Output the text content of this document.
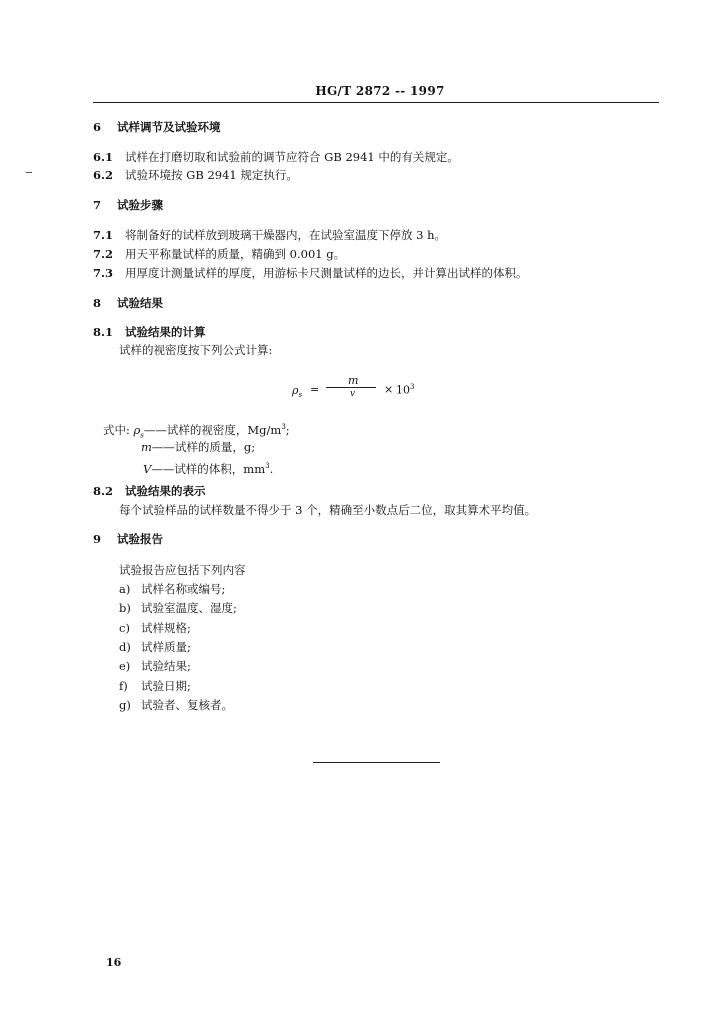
HG/T 2872 -- 1997
6 试样调节及试验环境
6.1 试样在打磨切取和试验前的调节应符合 GB 2941 中的有关规定。
6.2 试验环境按 GB 2941 规定执行。
7 试验步骤
7.1 将制备好的试样放到玻璃干燥器内，在试验室温度下停放 3 h。
7.2 用天平称量试样的质量，精确到 0.001 g。
7.3 用厚度计测量试样的厚度，用游标卡尺测量试样的边长，并计算出试样的体积。
8 试验结果
8.1 试验结果的计算
试样的视密度按下列公式计算:
$\rho_s$ =
m
v	× $10^3$
式中: $\rho_s——$试样的视密度，$Mg/m^3$;
m——试样的质量，g;
V——试样的体积，$mm^3$.
8.2 试验结果的表示
每个试验样品的试样数量不得少于 3 个，精确至小数点后二位，取其算术平均值。
9 试验报告
试验报告应包括下列内容
a) 试样名称或编号;
b) 试验室温度、湿度;
c) 试样规格;
d) 试样质量;
e) 试验结果;
f) 试验日期;
g) 试验者、复核者。
16
